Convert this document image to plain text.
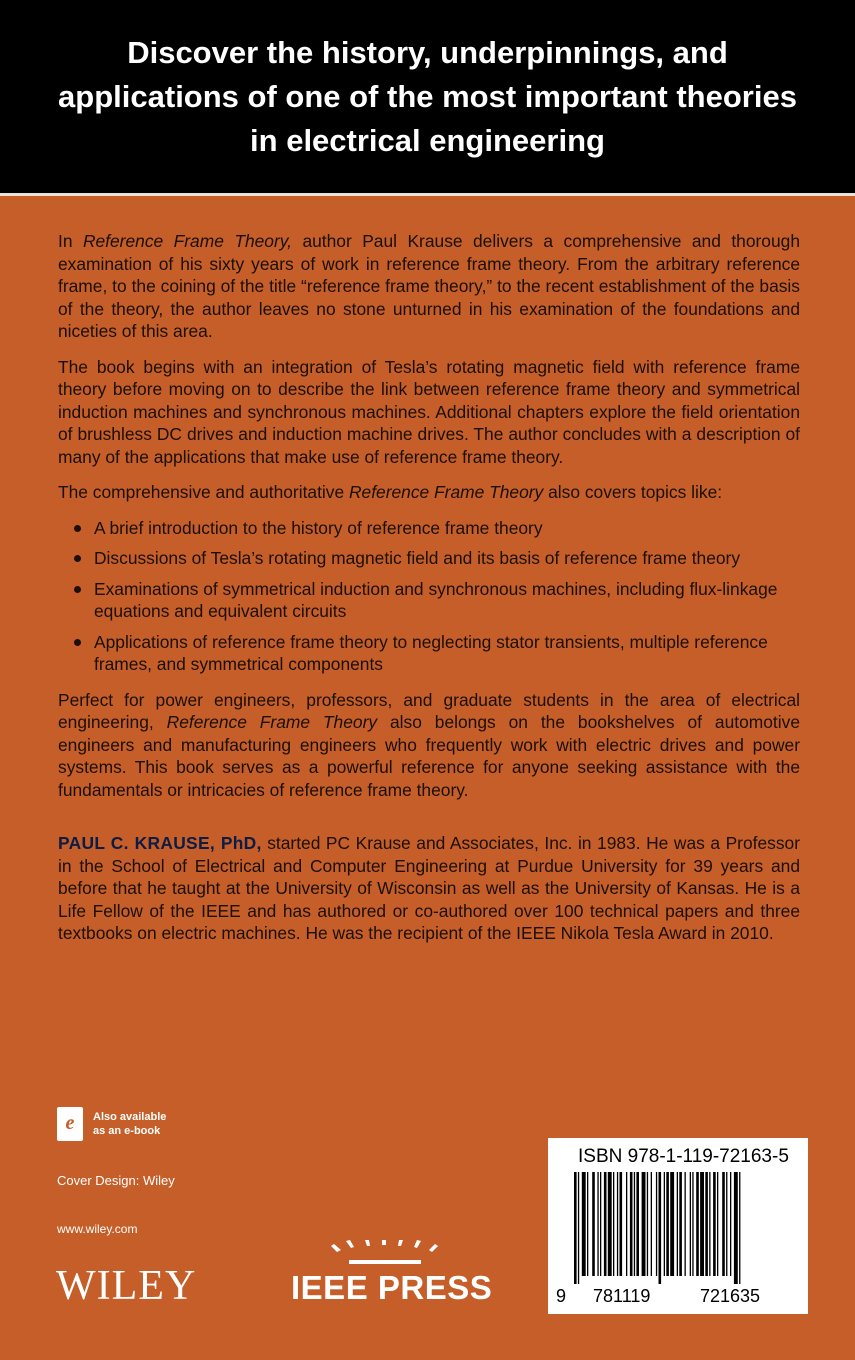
Discover the history, underpinnings, and applications of one of the most important theories in electrical engineering

In Reference Frame Theory, author Paul Krause delivers a comprehensive and thorough examination of his sixty years of work in reference frame theory. From the arbitrary reference frame, to the coining of the title “reference frame theory,” to the recent establishment of the basis of the theory, the author leaves no stone unturned in his examination of the foundations and niceties of this area.

The book begins with an integration of Tesla’s rotating magnetic field with reference frame theory before moving on to describe the link between reference frame theory and symmetrical induction machines and synchronous machines. Additional chapters explore the field orientation of brushless DC drives and induction machine drives. The author concludes with a description of many of the applications that make use of reference frame theory.

The comprehensive and authoritative Reference Frame Theory also covers topics like:

A brief introduction to the history of reference frame theory
Discussions of Tesla’s rotating magnetic field and its basis of reference frame theory
Examinations of symmetrical induction and synchronous machines, including flux-linkage equations and equivalent circuits
Applications of reference frame theory to neglecting stator transients, multiple reference frames, and symmetrical components

Perfect for power engineers, professors, and graduate students in the area of electrical engineering, Reference Frame Theory also belongs on the bookshelves of automotive engineers and manufacturing engineers who frequently work with electric drives and power systems. This book serves as a powerful reference for anyone seeking assistance with the fundamentals or intricacies of reference frame theory.

PAUL C. KRAUSE, PhD, started PC Krause and Associates, Inc. in 1983. He was a Professor in the School of Electrical and Computer Engineering at Purdue University for 39 years and before that he taught at the University of Wisconsin as well as the University of Kansas. He is a Life Fellow of the IEEE and has authored or co-authored over 100 technical papers and three textbooks on electric machines. He was the recipient of the IEEE Nikola Tesla Award in 2010.

e	Also available
as an e-book
Cover Design: Wiley
www.wiley.com
WILEY	IEEE PRESS
ISBN 978-1-119-72163-5
9 781119	721635
